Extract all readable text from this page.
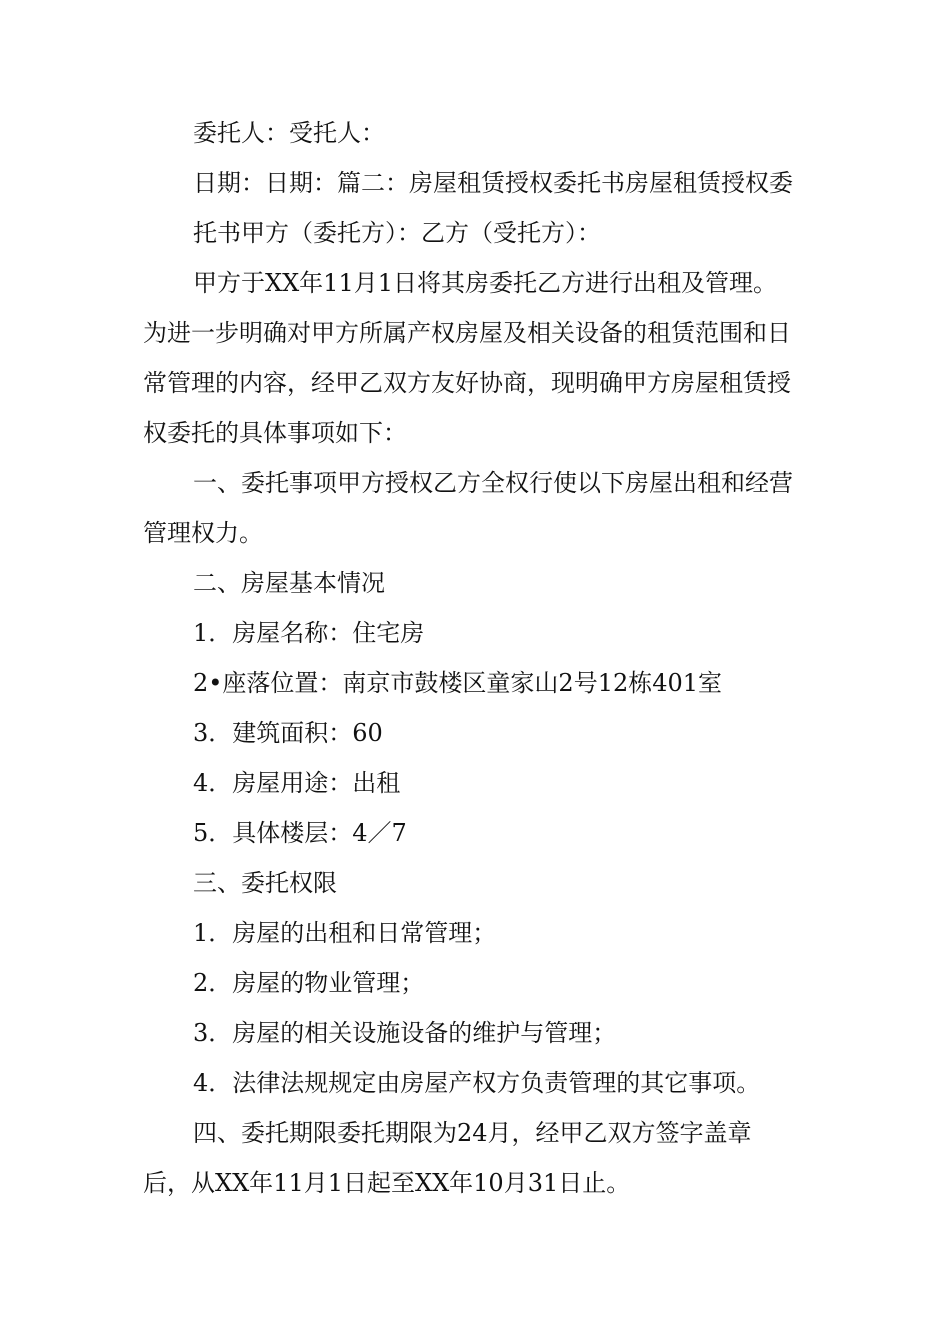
委托人：受托人：
日期：日期：篇二：房屋租赁授权委托书房屋租赁授权委
托书甲方（委托方）：乙方（受托方）：
甲方于XX年11月1日将其房委托乙方进行出租及管理。
为进一步明确对甲方所属产权房屋及相关设备的租赁范围和日
常管理的内容，经甲乙双方友好协商，现明确甲方房屋租赁授
权委托的具体事项如下：
一、委托事项甲方授权乙方全权行使以下房屋出租和经营
管理权力。
二、房屋基本情况
1．房屋名称：住宅房
2•座落位置：南京市鼓楼区童家山2号12栋401室
3．建筑面积：60
4．房屋用途：出租
5．具体楼层：4／7
三、委托权限
1．房屋的出租和日常管理；
2．房屋的物业管理；
3．房屋的相关设施设备的维护与管理；
4．法律法规规定由房屋产权方负责管理的其它事项。
四、委托期限委托期限为24月，经甲乙双方签字盖章
后，从XX年11月1日起至XX年10月31日止。
